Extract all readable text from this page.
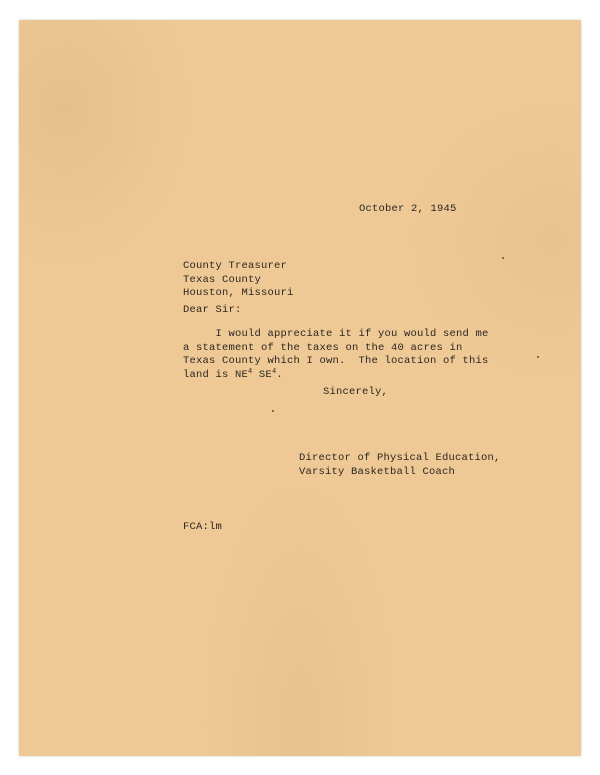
October 2, 1945
County Treasurer
Texas County
Houston, Missouri
Dear Sir:
I would appreciate it if you would send me
a statement of the taxes on the 40 acres in
Texas County which I own.  The location of this
land is $NE^4$ $SE^4$.
Sincerely,
Director of Physical Education,
Varsity Basketball Coach
FCA:lm
